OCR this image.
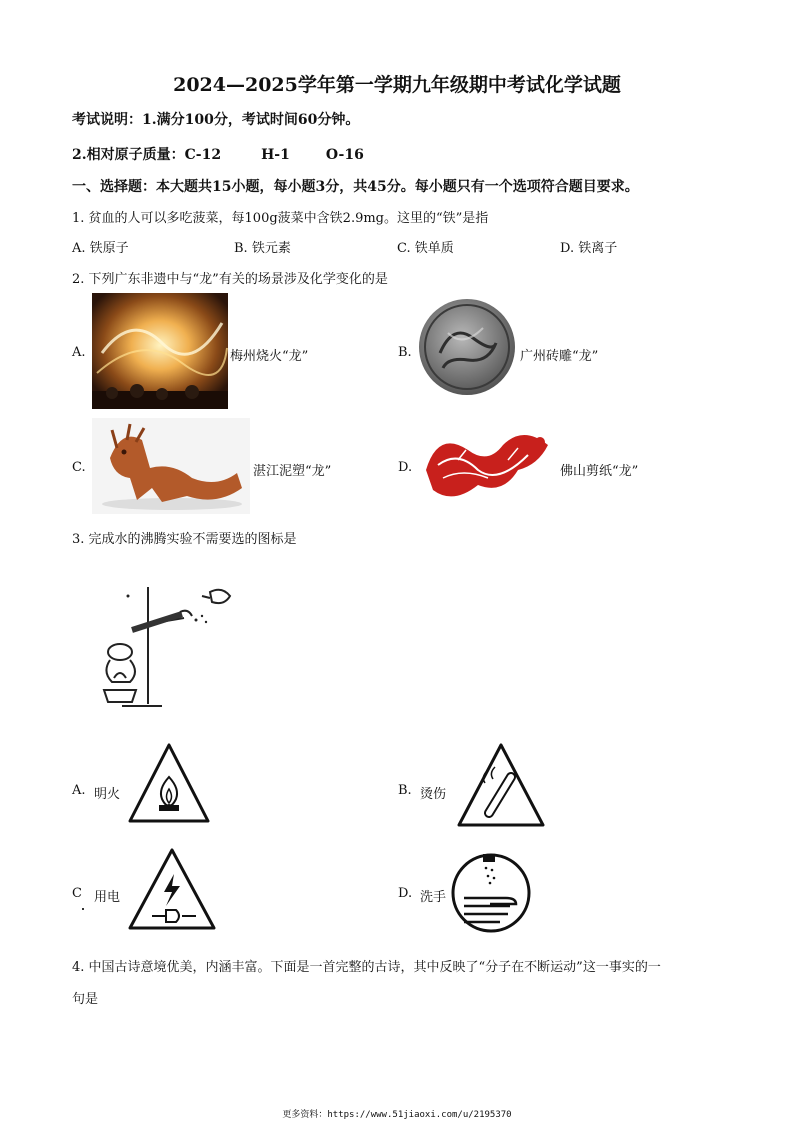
2024—2025学年第一学期九年级期中考试化学试题
考试说明：1.满分100分，考试时间60分钟。
2.相对原子质量：C-12	H-1	O-16
一、选择题：本大题共15小题，每小题3分，共45分。每小题只有一个选项符合题目要求。
1. 贫血的人可以多吃菠菜，每100g菠菜中含铁2.9mg。这里的“铁”是指
A. 铁原子	B. 铁元素	C. 铁单质	D. 铁离子
2. 下列广东非遗中与“龙”有关的场景涉及化学变化的是
A.	梅州烧火“龙”	B.	广州砖雕“龙”
C.	湛江泥塑“龙”	D.	佛山剪纸“龙”
3. 完成水的沸腾实验不需要选的图标是
A. 明火	B. 烫伤
C 用电	D. 洗手
4. 中国古诗意境优美，内涵丰富。下面是一首完整的古诗，其中反映了“分子在不断运动”这一事实的一
句是
更多资料：https://www.51jiaoxi.com/u/2195370
